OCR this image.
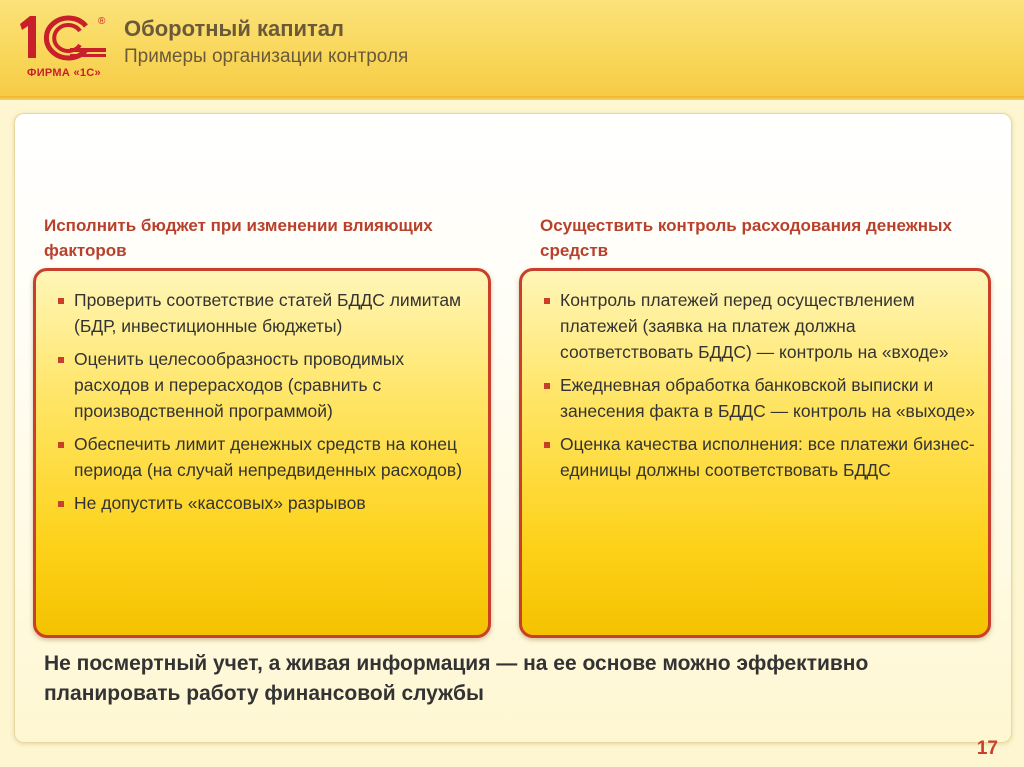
®
ФИРМА «1С»
Оборотный капитал
Примеры организации контроля
Исполнить бюджет при изменении влияющих факторов
Осуществить контроль расходования денежных средств
Проверить соответствие статей БДДС лимитам (БДР, инвестиционные бюджеты)
Оценить целесообразность проводимых расходов и перерасходов (сравнить с производственной программой)
Обеспечить лимит денежных средств на конец периода (на случай непредвиденных расходов)
Не допустить «кассовых» разрывов
Контроль платежей перед осуществлением платежей (заявка на платеж должна соответствовать БДДС) — контроль на «входе»
Ежедневная обработка банковской выписки и занесения факта в БДДС — контроль на «выходе»
Оценка качества исполнения: все платежи бизнес-единицы должны соответствовать БДДС
Не посмертный учет, а живая информация — на ее основе можно эффективно планировать работу финансовой службы
17
